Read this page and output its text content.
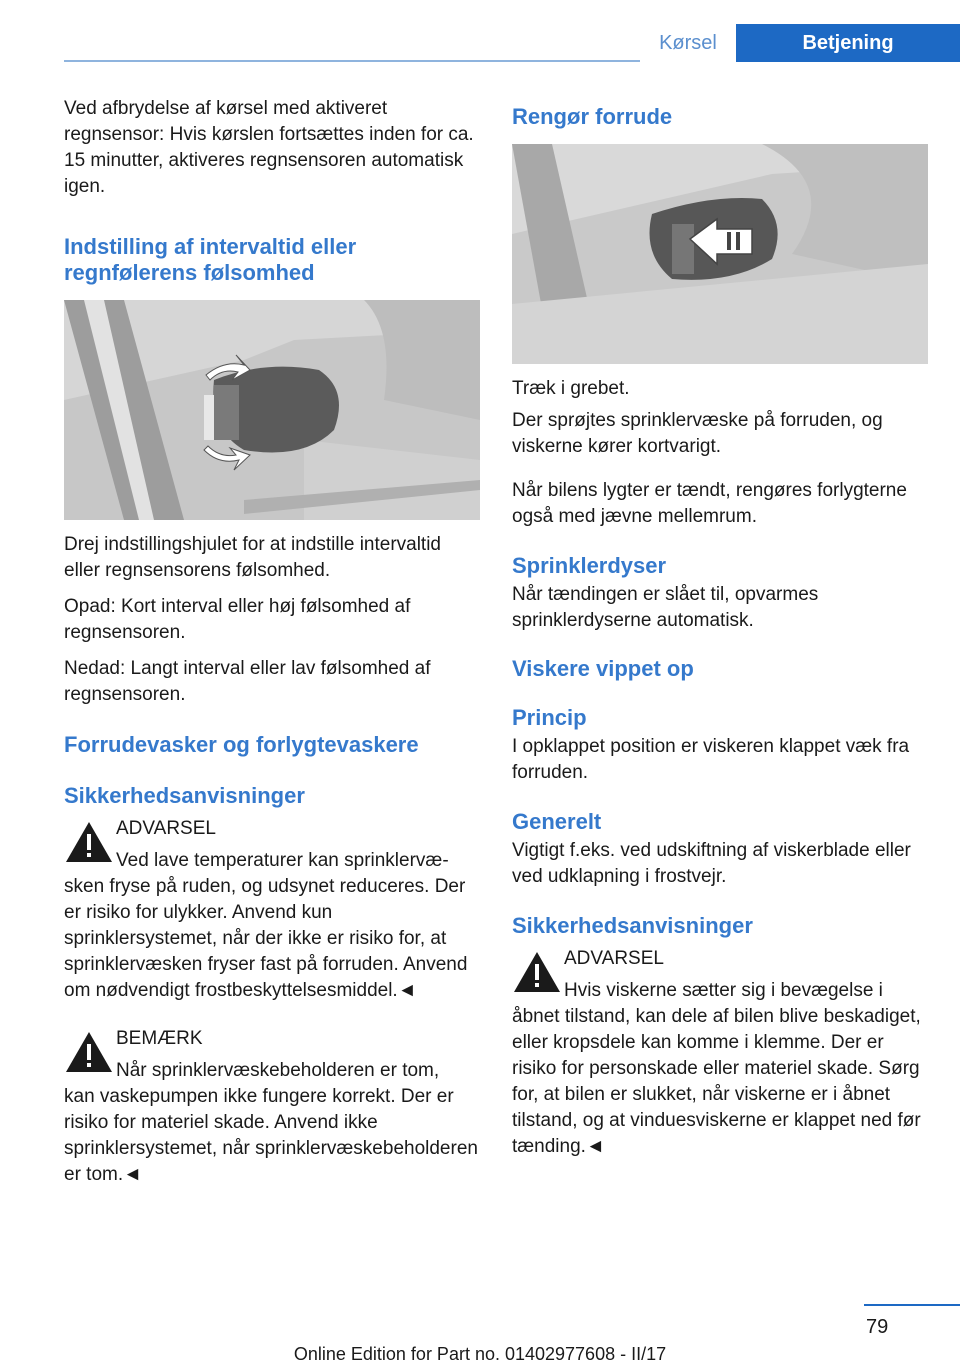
Kørsel	Betjening

Ved afbrydelse af kørsel med aktiveret regnsensor: Hvis kørslen fortsættes inden for ca. 15 minutter, aktiveres regnsensoren automatisk igen.

Indstilling af intervaltid eller regnfølerens følsomhed

Drej indstillingshjulet for at indstille intervaltid eller regnsensorens følsomhed.

Opad: Kort interval eller høj følsomhed af regnsensoren.

Nedad: Langt interval eller lav følsomhed af regnsensoren.

Forrudevasker og forlygtevaskere
Sikkerhedsanvisninger

ADVARSEL

Ved lave temperaturer kan sprinklervæ-

sken fryse på ruden, og udsynet reduceres. Der er risiko for ulykker. Anvend kun sprinklersystemet, når der ikke er risiko for, at sprinklervæsken fryser fast på forruden. Anvend om nødvendigt frostbeskyttelsesmiddel.◄

BEMÆRK

Når sprinklervæskebeholderen er tom,

kan vaskepumpen ikke fungere korrekt. Der er risiko for materiel skade. Anvend ikke sprinklersystemet, når sprinklervæskebeholderen er tom.◄

Rengør forrude

Træk i grebet.

Der sprøjtes sprinklervæske på forruden, og viskerne kører kortvarigt.

Når bilens lygter er tændt, rengøres forlygterne også med jævne mellemrum.

Sprinklerdyser

Når tændingen er slået til, opvarmes sprinklerdyserne automatisk.

Viskere vippet op
Princip

I opklappet position er viskeren klappet væk fra forruden.

Generelt

Vigtigt f.eks. ved udskiftning af viskerblade eller ved udklapning i frostvejr.

Sikkerhedsanvisninger

ADVARSEL

Hvis viskerne sætter sig i bevægelse i

åbnet tilstand, kan dele af bilen blive beskadiget, eller kropsdele kan komme i klemme. Der er risiko for personskade eller materiel skade. Sørg for, at bilen er slukket, når viskerne er i åbnet tilstand, og at vinduesviskerne er klappet ned før tænding.◄

79
Online Edition for Part no. 01402977608 - II/17
